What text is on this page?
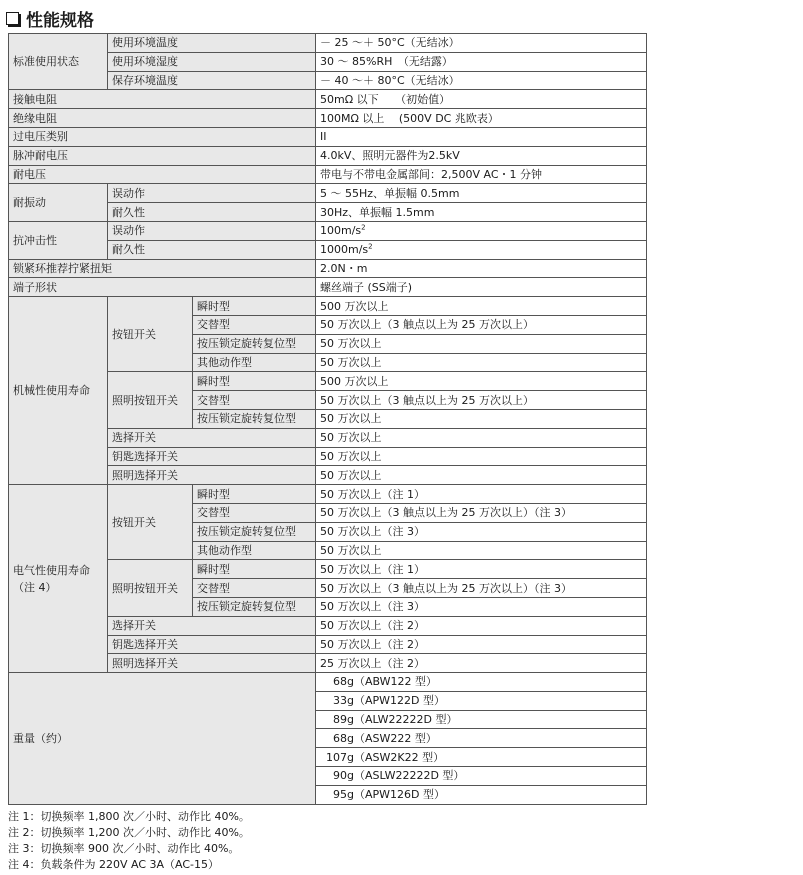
性能规格
标准使用状态	使用环境温度		－ 25 ～＋ 50°C（无结冰）
	使用环境湿度		30 ～ 85%RH　（无结露）
	保存环境温度		－ 40 ～＋ 80°C（无结冰）
接触电阻			50mΩ 以下　　（初始值）
绝缘电阻			100MΩ 以上　 (500V DC 兆欧表）
过电压类别			II
脉冲耐电压			4.0kV、照明元器件为2.5kV
耐电压			带电与不带电金属部间：2,500V AC・1 分钟
耐振动	误动作		5 ～ 55Hz、单振幅 0.5mm
	耐久性		30Hz、单振幅 1.5mm
抗冲击性	误动作		$100m/s^2$
	耐久性		$1000m/s^2$
锁紧环推荐拧紧扭矩			2.0N・m
端子形状			螺丝端子 (SS端子)
机械性使用寿命	按钮开关	瞬时型	500 万次以上
		交替型	50 万次以上（3 触点以上为 25 万次以上）
		按压锁定旋转复位型	50 万次以上
		其他动作型	50 万次以上
	照明按钮开关	瞬时型	500 万次以上
		交替型	50 万次以上（3 触点以上为 25 万次以上）
		按压锁定旋转复位型	50 万次以上
	选择开关		50 万次以上
	钥匙选择开关		50 万次以上
	照明选择开关		50 万次以上
电气性使用寿命
（注 4）	按钮开关	瞬时型	50 万次以上（注 1）
		交替型	50 万次以上（3 触点以上为 25 万次以上）（注 3）
		按压锁定旋转复位型	50 万次以上（注 3）
		其他动作型	50 万次以上
	照明按钮开关	瞬时型	50 万次以上（注 1）
		交替型	50 万次以上（3 触点以上为 25 万次以上）（注 3）
		按压锁定旋转复位型	50 万次以上（注 3）
	选择开关		50 万次以上（注 2）
	钥匙选择开关		50 万次以上（注 2）
	照明选择开关		25 万次以上（注 2）
重量（约）			68g（ABW122 型）
			33g（APW122D 型）
			89g（ALW22222D 型）
			68g（ASW222 型）
			107g（ASW2K22 型）
			90g（ASLW22222D 型）
			95g（APW126D 型）
注 1：切换频率 1,800 次／小时、动作比 40%。
注 2：切换频率 1,200 次／小时、动作比 40%。
注 3：切换频率 900 次／小时、动作比 40%。
注 4：负载条件为 220V AC 3A（AC-15）
